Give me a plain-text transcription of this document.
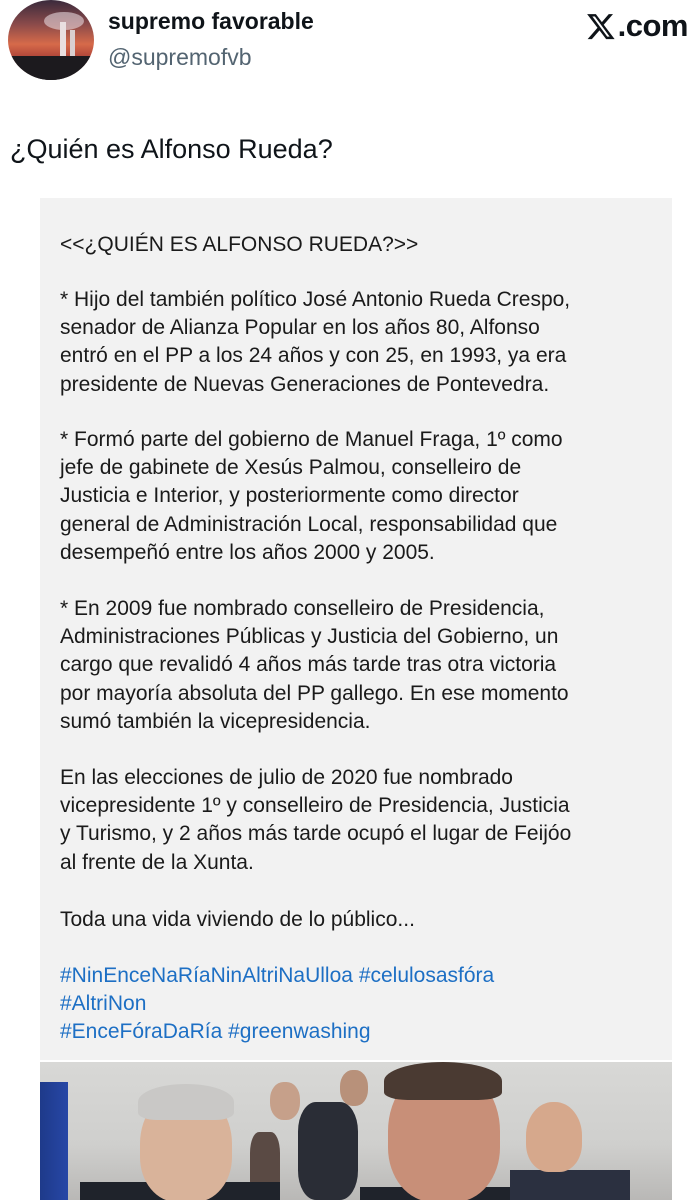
supremo favorable
@supremofvb
.com
¿Quién es Alfonso Rueda?
<<¿QUIÉN ES ALFONSO RUEDA?>>
* Hijo del también político José Antonio Rueda Crespo,
senador de Alianza Popular en los años 80, Alfonso
entró en el PP a los 24 años y con 25, en 1993, ya era
presidente de Nuevas Generaciones de Pontevedra.
* Formó parte del gobierno de Manuel Fraga, 1º como
jefe de gabinete de Xesús Palmou, conselleiro de
Justicia e Interior, y posteriormente como director
general de Administración Local, responsabilidad que
desempeñó entre los años 2000 y 2005.
* En 2009 fue nombrado conselleiro de Presidencia,
Administraciones Públicas y Justicia del Gobierno, un
cargo que revalidó 4 años más tarde tras otra victoria
por mayoría absoluta del PP gallego. En ese momento
sumó también la vicepresidencia.
En las elecciones de julio de 2020 fue nombrado
vicepresidente 1º y conselleiro de Presidencia, Justicia
y Turismo, y 2 años más tarde ocupó el lugar de Feijóo
al frente de la Xunta.
Toda una vida viviendo de lo público...
#NinEnceNaRíaNinAltriNaUlloa #celulosasfóra
#AltriNon
#EnceFóraDaRía #greenwashing
